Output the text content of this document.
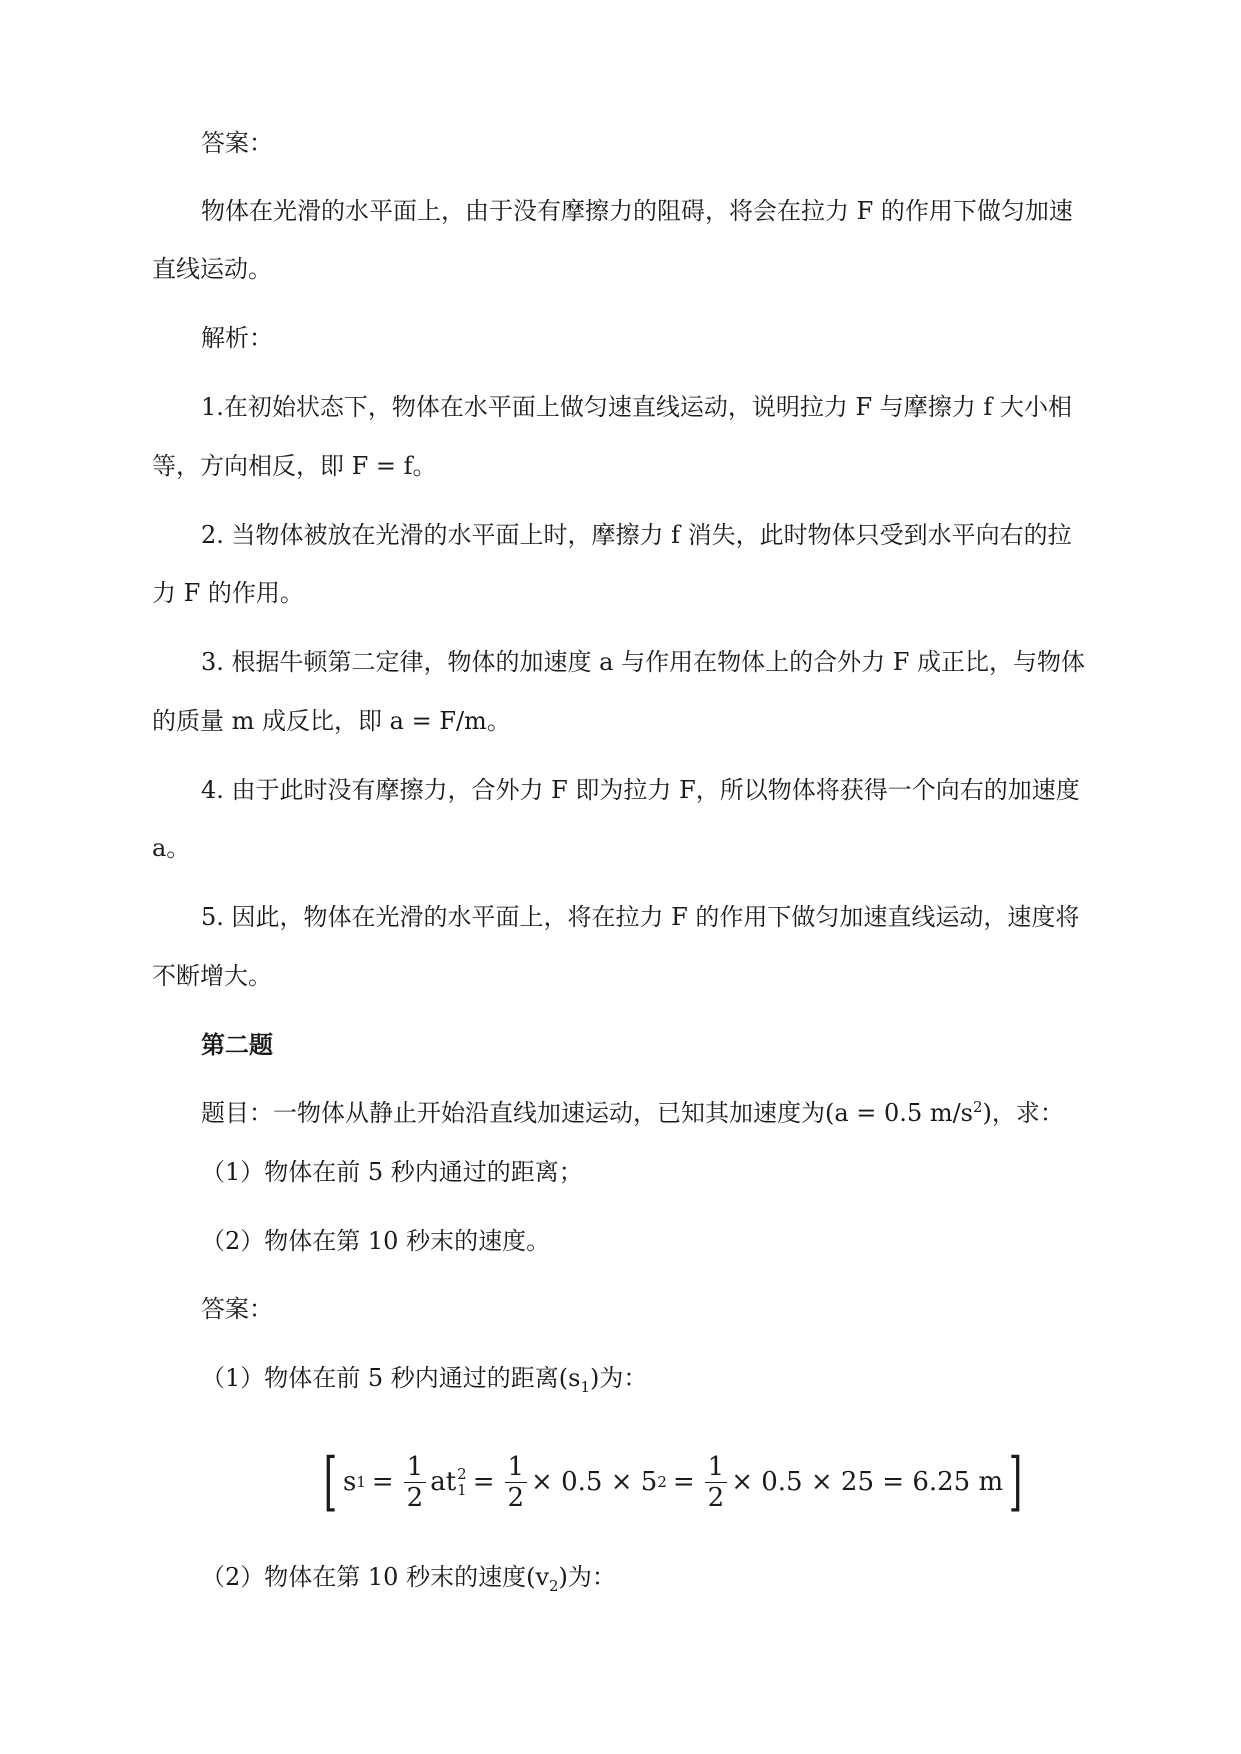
答案：
物体在光滑的水平面上，由于没有摩擦力的阻碍，将会在拉力 F 的作用下做匀加速
直线运动。
解析：
1.在初始状态下，物体在水平面上做匀速直线运动，说明拉力 F 与摩擦力 f 大小相
等，方向相反，即 F = f。
2. 当物体被放在光滑的水平面上时，摩擦力 f 消失，此时物体只受到水平向右的拉
力 F 的作用。
3. 根据牛顿第二定律，物体的加速度 a 与作用在物体上的合外力 F 成正比，与物体
的质量 m 成反比，即 a = F/m。
4. 由于此时没有摩擦力，合外力 F 即为拉力 F，所以物体将获得一个向右的加速度
a。
5. 因此，物体在光滑的水平面上，将在拉力 F 的作用下做匀加速直线运动，速度将
不断增大。
第二题
题目：一物体从静止开始沿直线加速运动，已知其加速度为(a = 0.5 $m/s^2$)，求：
（1）物体在前 5 秒内通过的距离；
（2）物体在第 10 秒末的速度。
答案：
（1）物体在前 5 秒内通过的距离$(s_1)$为：
[ s $1 = \frac{1}{2}$ at 2
$1 = \frac{1}{2} \times 0.5 \times 5$ $2 = \frac{1}{2} \times 0.5 \times 25 = 6.25$ m ]
（2）物体在第 10 秒末的速度$(v_2)$为：
